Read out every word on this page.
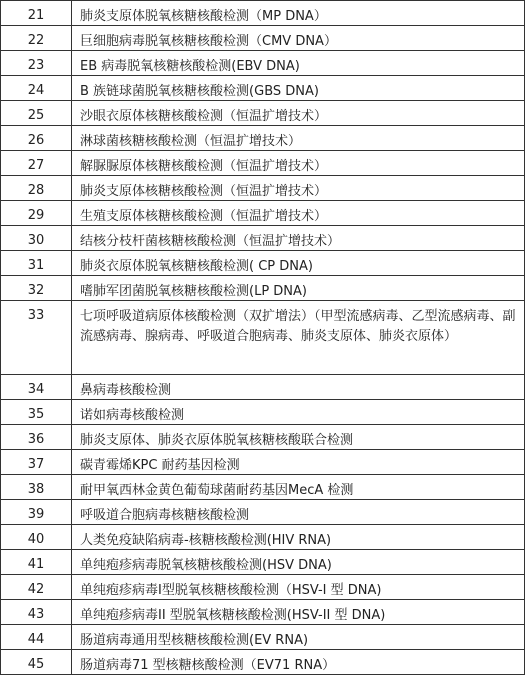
21	肺炎支原体脱氧核糖核酸检测（MP DNA）
22	巨细胞病毒脱氧核糖核酸检测（CMV DNA）
23	EB 病毒脱氧核糖核酸检测(EBV DNA)
24	B 族链球菌脱氧核糖核酸检测(GBS DNA)
25	沙眼衣原体核糖核酸检测（恒温扩增技术）
26	淋球菌核糖核酸检测（恒温扩增技术）
27	解脲脲原体核糖核酸检测（恒温扩增技术）
28	肺炎支原体核糖核酸检测（恒温扩增技术）
29	生殖支原体核糖核酸检测（恒温扩增技术）
30	结核分枝杆菌核糖核酸检测（恒温扩增技术）
31	肺炎衣原体脱氧核糖核酸检测( CP DNA)
32	嗜肺军团菌脱氧核糖核酸检测(LP DNA)
33	七项呼吸道病原体核酸检测（双扩增法）（甲型流感病毒、乙型流感病毒、副流感病毒、腺病毒、呼吸道合胞病毒、肺炎支原体、肺炎衣原体）
34	鼻病毒核酸检测
35	诺如病毒核酸检测
36	肺炎支原体、肺炎衣原体脱氧核糖核酸联合检测
37	碳青霉烯KPC 耐药基因检测
38	耐甲氧西林金黄色葡萄球菌耐药基因MecA 检测
39	呼吸道合胞病毒核糖核酸检测
40	人类免疫缺陷病毒-核糖核酸检测(HIV RNA)
41	单纯疱疹病毒脱氧核糖核酸检测(HSV DNA)
42	单纯疱疹病毒Ⅰ型脱氧核糖核酸检测（HSV-I 型 DNA)
43	单纯疱疹病毒II 型脱氧核糖核酸检测(HSV-II 型 DNA)
44	肠道病毒通用型核糖核酸检测(EV RNA)
45	肠道病毒71 型核糖核酸检测（EV71 RNA）
